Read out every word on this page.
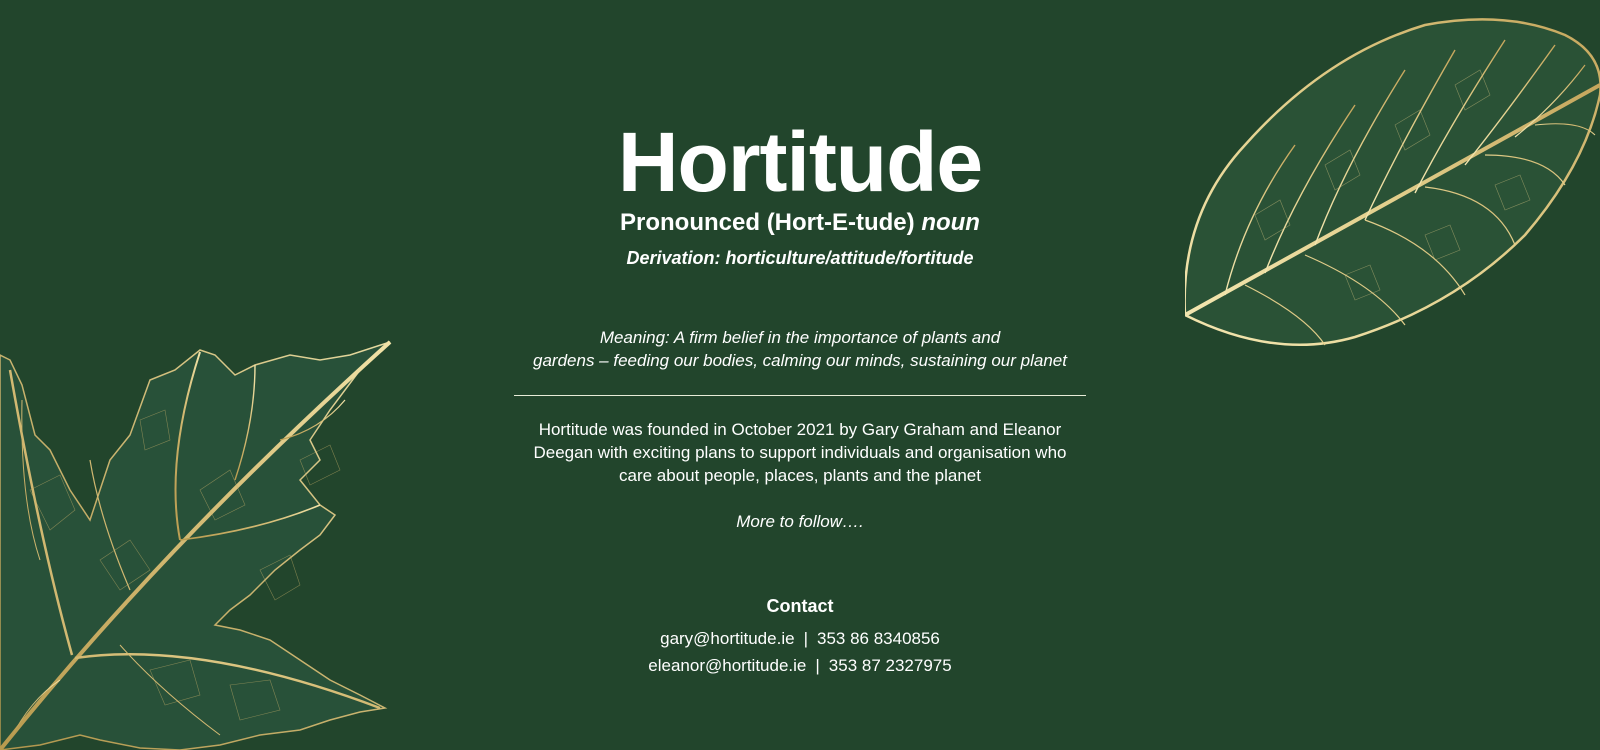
Hortitude
Pronounced (Hort-E-tude) noun
Derivation: horticulture/attitude/fortitude
Meaning: A firm belief in the importance of plants and
gardens – feeding our bodies, calming our minds, sustaining our planet
Hortitude was founded in October 2021 by Gary Graham and Eleanor
Deegan with exciting plans to support individuals and organisation who
care about people, places, plants and the planet
More to follow….
Contact
gary@hortitude.ie | 353 86 8340856
eleanor@hortitude.ie | 353 87 2327975
